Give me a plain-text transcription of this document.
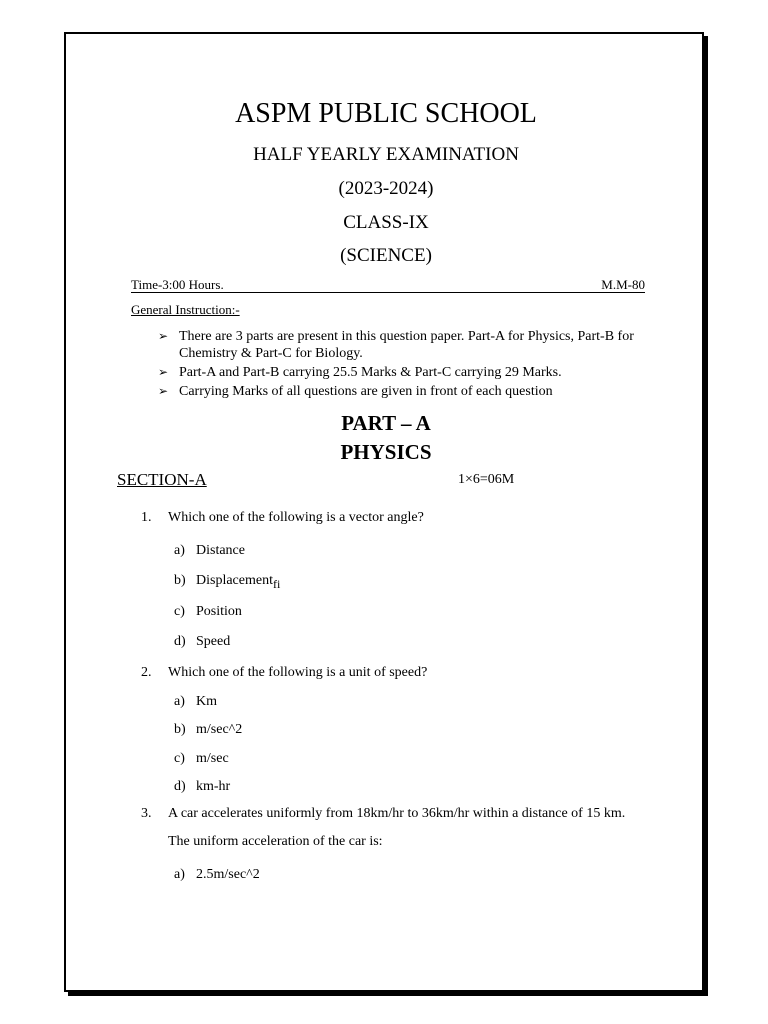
ASPM PUBLIC SCHOOL
HALF YEARLY EXAMINATION
(2023-2024)
CLASS-IX
(SCIENCE)
Time-3:00 Hours.	M.M-80
General Instruction:-
➢ There are 3 parts are present in this question paper. Part-A for Physics, Part-B for Chemistry & Part-C for Biology.
➢ Part-A and Part-B carrying 25.5 Marks & Part-C carrying 29 Marks.
➢ Carrying Marks of all questions are given in front of each question
PART – A
PHYSICS
SECTION-A	1×6=06M
1. Which one of the following is a vector angle?
a) Distance
b) Displacement$_{fi}$
c) Position
d) Speed
2. Which one of the following is a unit of speed?
a) Km
b) m/sec^2
c) m/sec
d) km-hr
3. A car accelerates uniformly from 18km/hr to 36km/hr within a distance of 15 km.
The uniform acceleration of the car is:
a) 2.5m/sec^2
